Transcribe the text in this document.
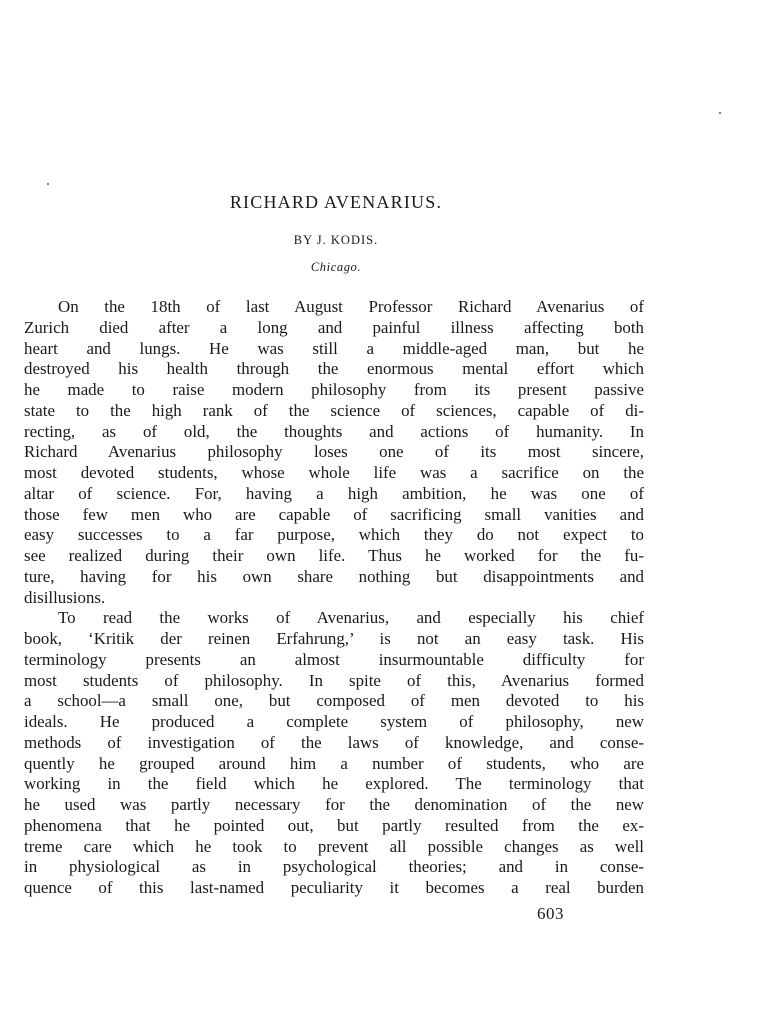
RICHARD AVENARIUS.
BY J. KODIS.
Chicago.
On the 18th of last August Professor Richard Avenarius of
Zurich died after a long and painful illness affecting both
heart and lungs. He was still a middle-aged man, but he
destroyed his health through the enormous mental effort which
he made to raise modern philosophy from its present passive
state to the high rank of the science of sciences, capable of di-
recting, as of old, the thoughts and actions of humanity. In
Richard Avenarius philosophy loses one of its most sincere,
most devoted students, whose whole life was a sacrifice on the
altar of science. For, having a high ambition, he was one of
those few men who are capable of sacrificing small vanities and
easy successes to a far purpose, which they do not expect to
see realized during their own life. Thus he worked for the fu-
ture, having for his own share nothing but disappointments and
disillusions.
To read the works of Avenarius, and especially his chief
book, ‘Kritik der reinen Erfahrung,’ is not an easy task. His
terminology presents an almost insurmountable difficulty for
most students of philosophy. In spite of this, Avenarius formed
a school—a small one, but composed of men devoted to his
ideals. He produced a complete system of philosophy, new
methods of investigation of the laws of knowledge, and conse-
quently he grouped around him a number of students, who are
working in the field which he explored. The terminology that
he used was partly necessary for the denomination of the new
phenomena that he pointed out, but partly resulted from the ex-
treme care which he took to prevent all possible changes as well
in physiological as in psychological theories; and in conse-
quence of this last-named peculiarity it becomes a real burden
603
